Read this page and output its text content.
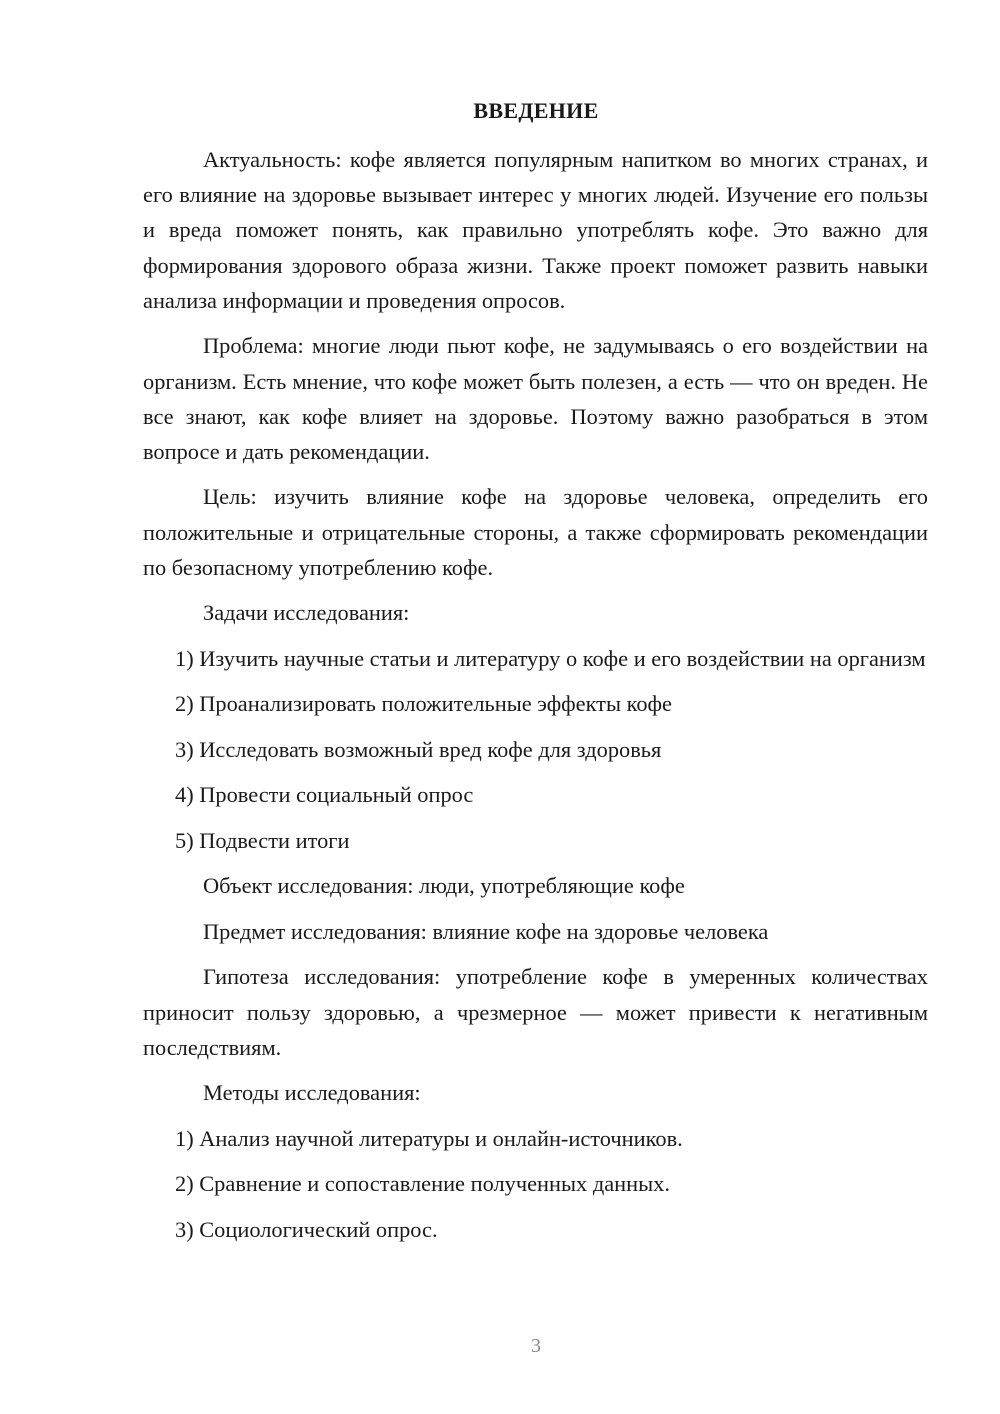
ВВЕДЕНИЕ

Актуальность: кофе является популярным напитком во многих странах, и его влияние на здоровье вызывает интерес у многих людей. Изучение его пользы и вреда поможет понять, как правильно употреблять кофе. Это важно для формирования здорового образа жизни. Также проект поможет развить навыки анализа информации и проведения опросов.

Проблема: многие люди пьют кофе, не задумываясь о его воздействии на организм. Есть мнение, что кофе может быть полезен, а есть — что он вреден. Не все знают, как кофе влияет на здоровье. Поэтому важно разобраться в этом вопросе и дать рекомендации.

Цель: изучить влияние кофе на здоровье человека, определить его положительные и отрицательные стороны, а также сформировать рекомендации по безопасному употреблению кофе.

Задачи исследования:

1) Изучить научные статьи и литературу о кофе и его воздействии на организм

2) Проанализировать положительные эффекты кофе

3) Исследовать возможный вред кофе для здоровья

4) Провести социальный опрос

5) Подвести итоги

Объект исследования: люди, употребляющие кофе

Предмет исследования: влияние кофе на здоровье человека

Гипотеза исследования: употребление кофе в умеренных количествах приносит пользу здоровью, а чрезмерное — может привести к негативным последствиям.

Методы исследования:

1) Анализ научной литературы и онлайн-источников.

2) Сравнение и сопоставление полученных данных.

3) Социологический опрос.

3
